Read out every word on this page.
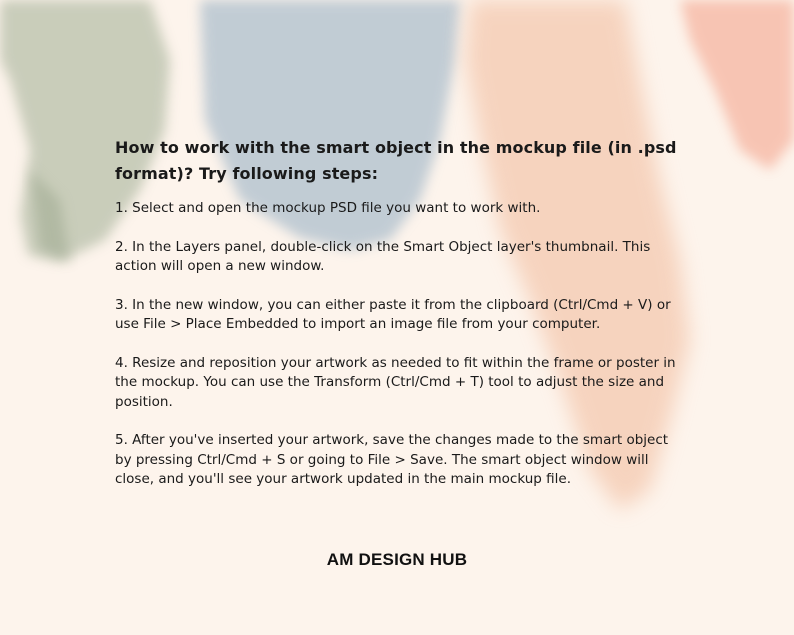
How to work with the smart object in the mockup file (in .psd format)? Try following steps:

1. Select and open the mockup PSD file you want to work with.

2. In the Layers panel, double-click on the Smart Object layer's thumbnail. This action will open a new window.

3. In the new window, you can either paste it from the clipboard (Ctrl/Cmd + V) or use File > Place Embedded to import an image file from your computer.

4. Resize and reposition your artwork as needed to fit within the frame or poster in the mockup. You can use the Transform (Ctrl/Cmd + T) tool to adjust the size and position.

5. After you've inserted your artwork, save the changes made to the smart object by pressing Ctrl/Cmd + S or going to File > Save. The smart object window will close, and you'll see your artwork updated in the main mockup file.

AM DESIGN HUB
